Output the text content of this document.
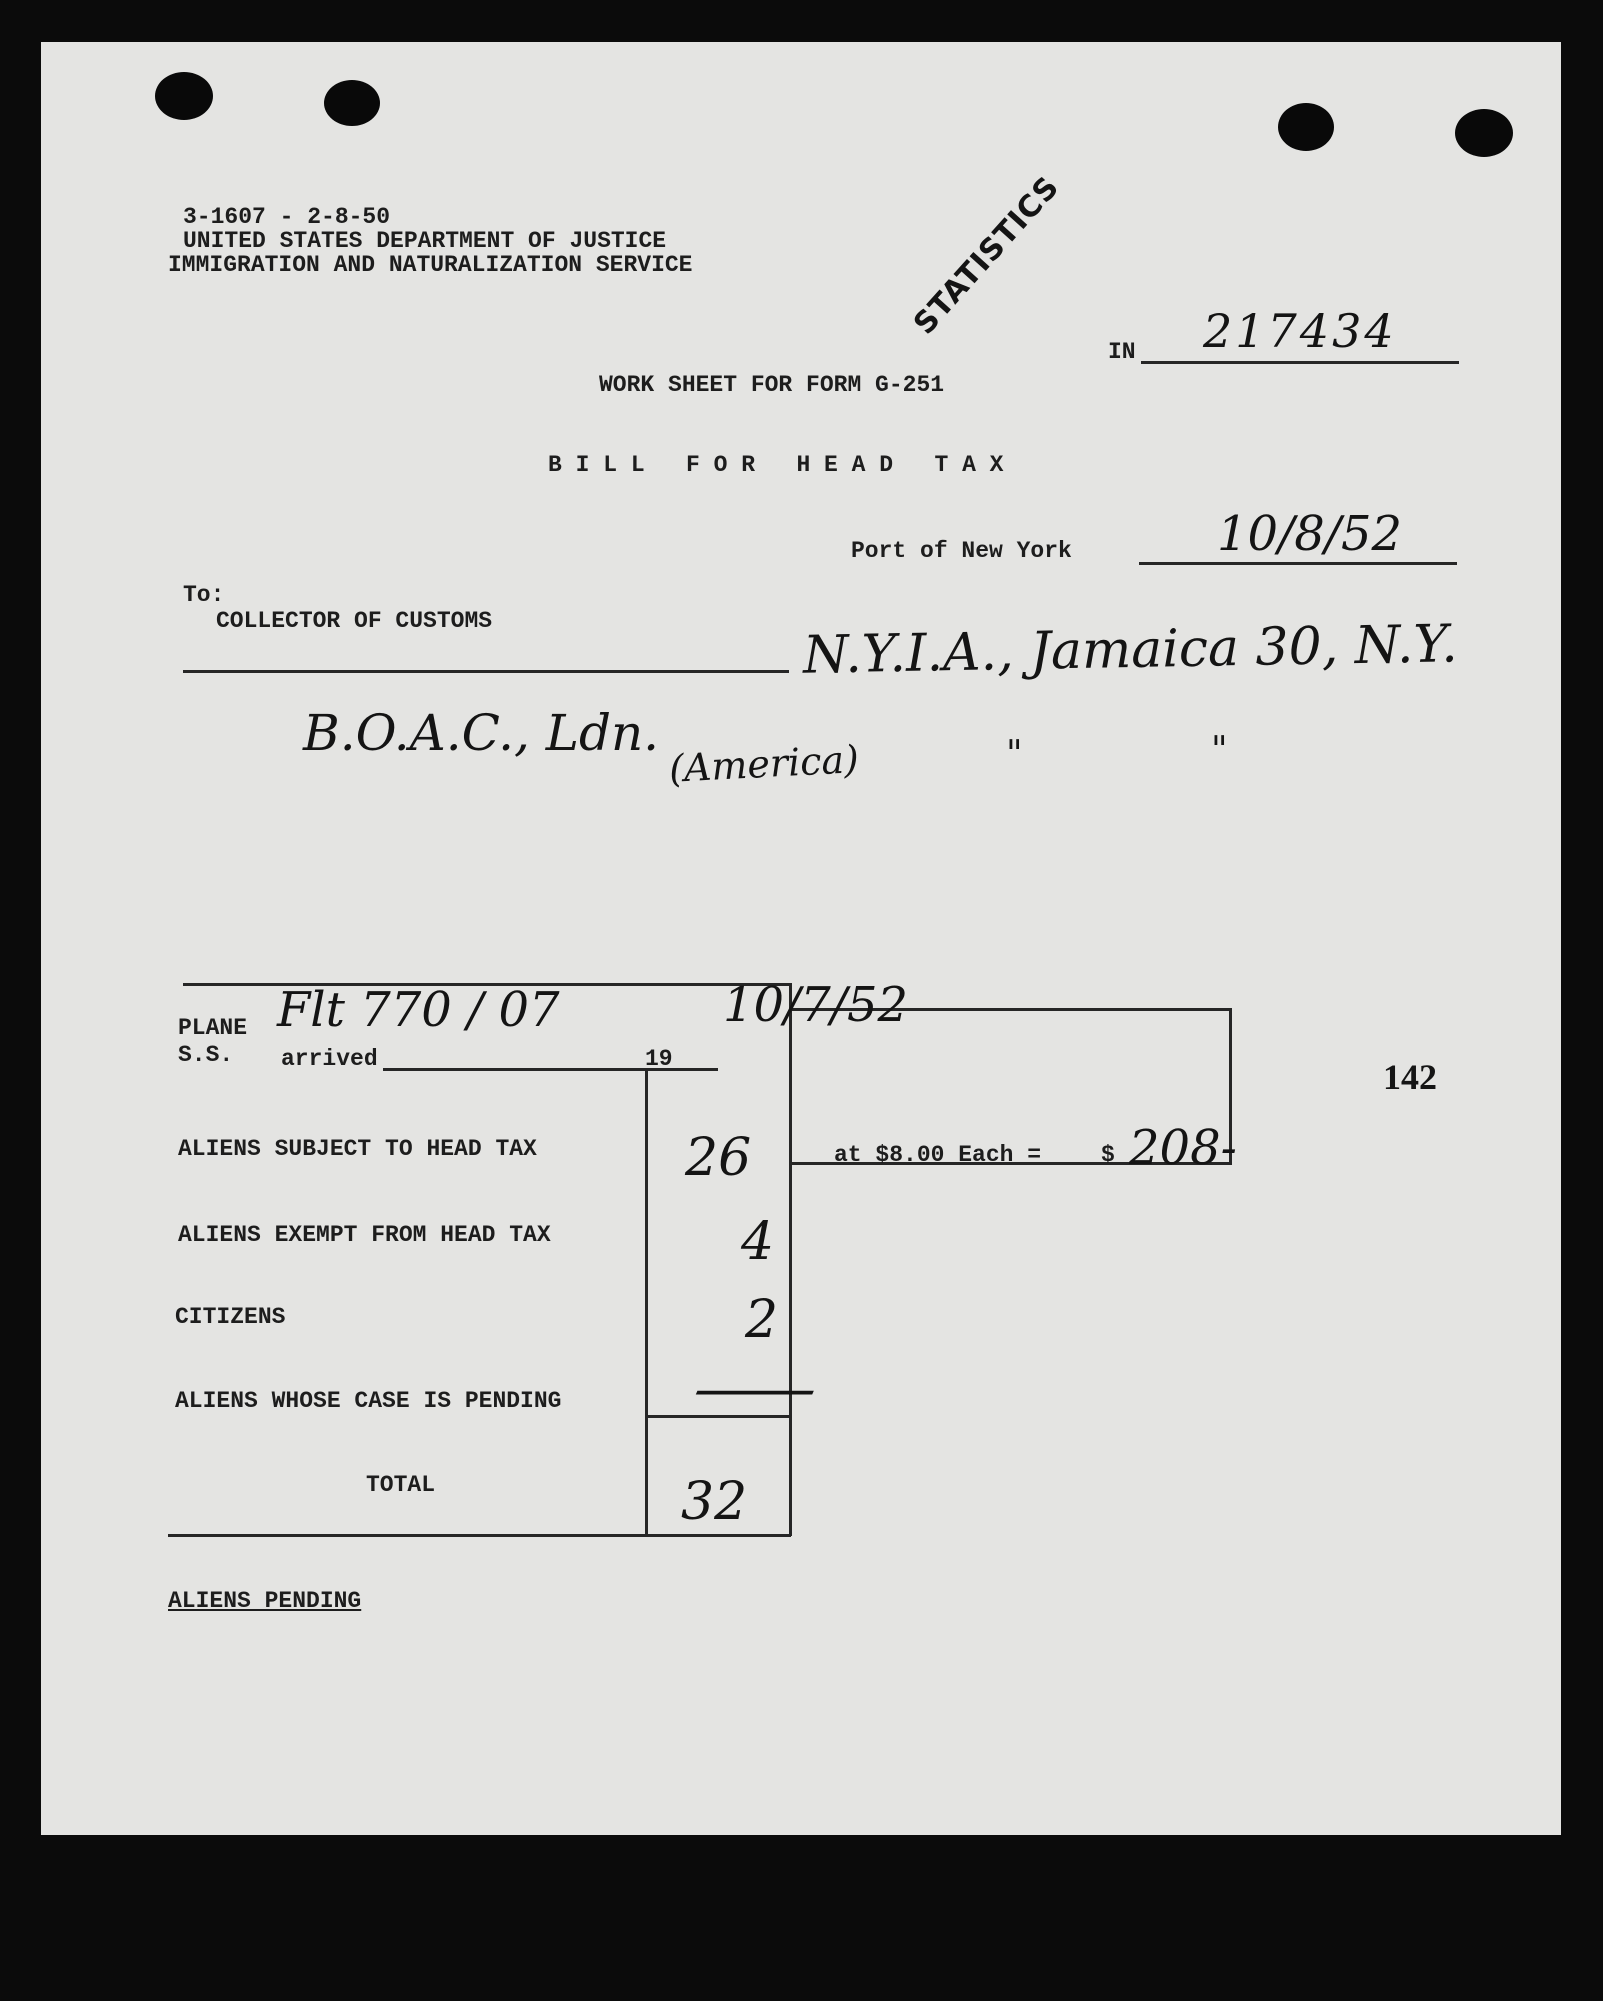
3-1607 - 2-8-50
UNITED STATES DEPARTMENT OF JUSTICE
IMMIGRATION AND NATURALIZATION SERVICE	STATISTICS
IN 217434
WORK SHEET FOR FORM G-251
B I L L   F O R   H E A D   T A X
Port of New York	10/8/52
To:
COLLECTOR OF CUSTOMS	N.Y.I.A., Jamaica 30, N.Y.
B.O.A.C., Ldn.
(America)	"	"
PLANE
S.S. arrived	19
Flt 770 / 07	10/7/52
142
ALIENS SUBJECT TO HEAD TAX	26	at $8.00 Each =	$ 208-
ALIENS EXEMPT FROM HEAD TAX	4
CITIZENS	2
ALIENS WHOSE CASE IS PENDING —
TOTAL	32
ALIENS PENDING
